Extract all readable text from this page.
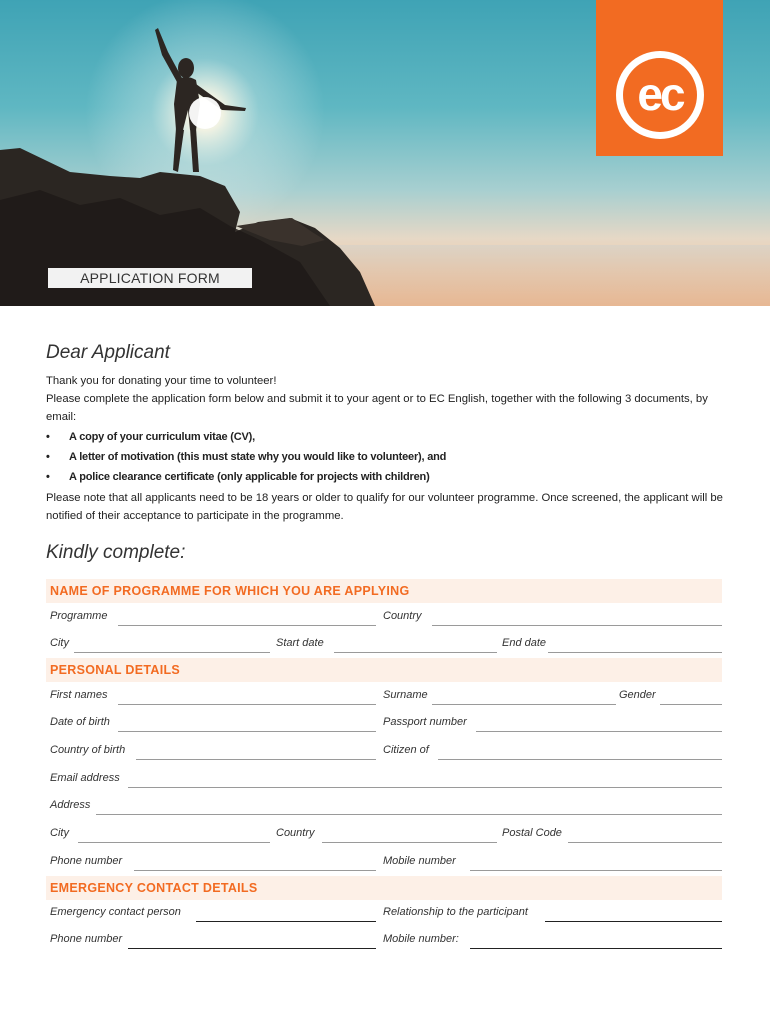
ec
APPLICATION FORM
Dear Applicant

Thank you for donating your time to volunteer!

Please complete the application form below and submit it to your agent or to EC English, together with the following 3 documents, by email:

• A copy of your curriculum vitae (CV),
• A letter of motivation (this must state why you would like to volunteer), and
• A police clearance certificate (only applicable for projects with children)

Please note that all applicants need to be 18 years or older to qualify for our volunteer programme. Once screened, the applicant will be notified of their acceptance to participate in the programme.

Kindly complete:
NAME OF PROGRAMME FOR WHICH YOU ARE APPLYING
Programme	Country
City	Start date	End date
PERSONAL DETAILS
First names	Surname	Gender
Date of birth	Passport number
Country of birth	Citizen of
Email address
Address
City	Country	Postal Code
Phone number	Mobile number
EMERGENCY CONTACT DETAILS
Emergency contact person	Relationship to the participant
Phone number	Mobile number:
